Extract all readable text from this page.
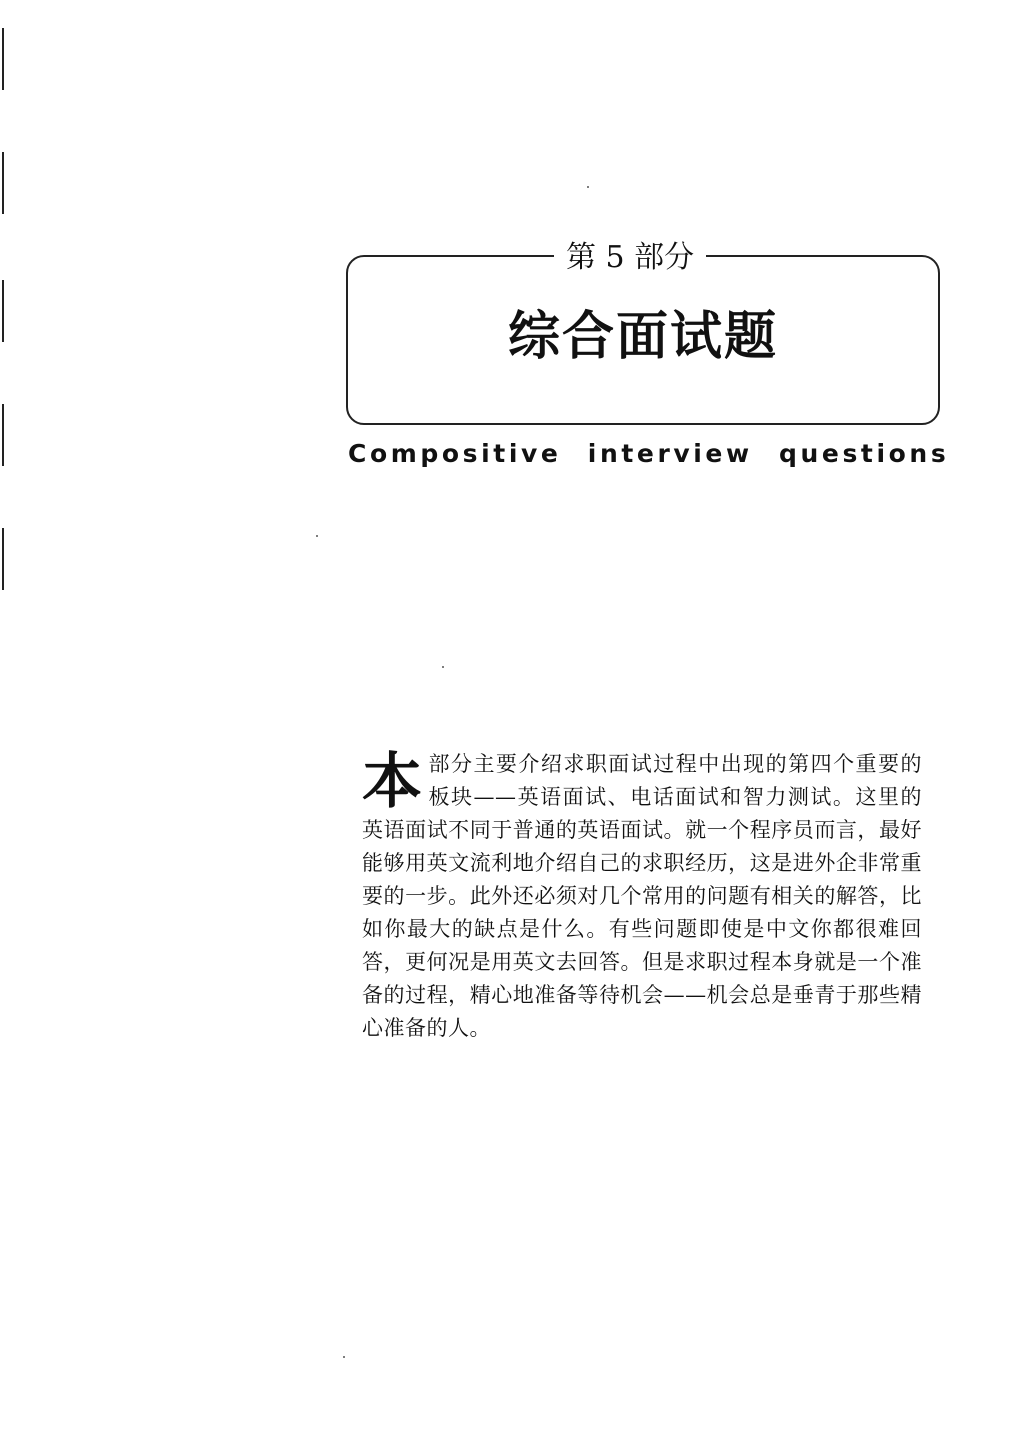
第 5 部分
综合面试题
Compositive interview questions
本部分主要介绍求职面试过程中出现的第四个重要的板块——英语面试、电话面试和智力测试。这里的英语面试不同于普通的英语面试。就一个程序员而言，最好能够用英文流利地介绍自己的求职经历，这是进外企非常重要的一步。此外还必须对几个常用的问题有相关的解答，比如你最大的缺点是什么。有些问题即使是中文你都很难回答，更何况是用英文去回答。但是求职过程本身就是一个准备的过程，精心地准备等待机会——机会总是垂青于那些精心准备的人。
